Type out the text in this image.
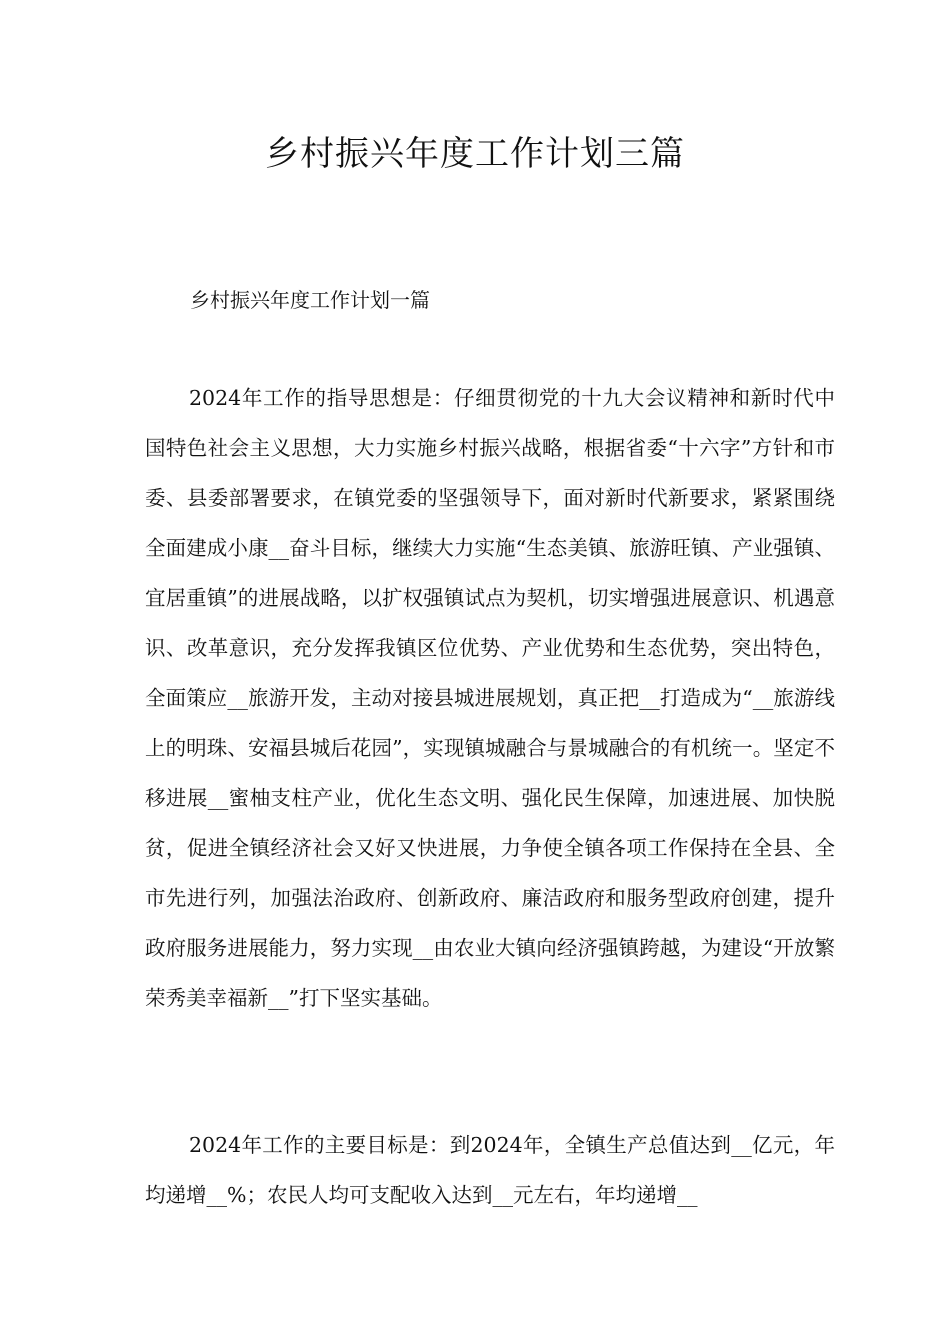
乡村振兴年度工作计划三篇

乡村振兴年度工作计划一篇

2024年工作的指导思想是：仔细贯彻党的十九大会议精神和新时代中国特色社会主义思想，大力实施乡村振兴战略，根据省委“十六字”方针和市委、县委部署要求，在镇党委的坚强领导下，面对新时代新要求，紧紧围绕全面建成小康__奋斗目标，继续大力实施“生态美镇、旅游旺镇、产业强镇、宜居重镇”的进展战略，以扩权强镇试点为契机，切实增强进展意识、机遇意识、改革意识，充分发挥我镇区位优势、产业优势和生态优势，突出特色，全面策应__旅游开发，主动对接县城进展规划，真正把__打造成为“__旅游线上的明珠、安福县城后花园”，实现镇城融合与景城融合的有机统一。坚定不移进展__蜜柚支柱产业，优化生态文明、强化民生保障，加速进展、加快脱贫，促进全镇经济社会又好又快进展，力争使全镇各项工作保持在全县、全市先进行列，加强法治政府、创新政府、廉洁政府和服务型政府创建，提升政府服务进展能力，努力实现__由农业大镇向经济强镇跨越，为建设“开放繁荣秀美幸福新__”打下坚实基础。

2024年工作的主要目标是：到2024年，全镇生产总值达到__亿元，年均递增__%；农民人均可支配收入达到__元左右，年均递增__
